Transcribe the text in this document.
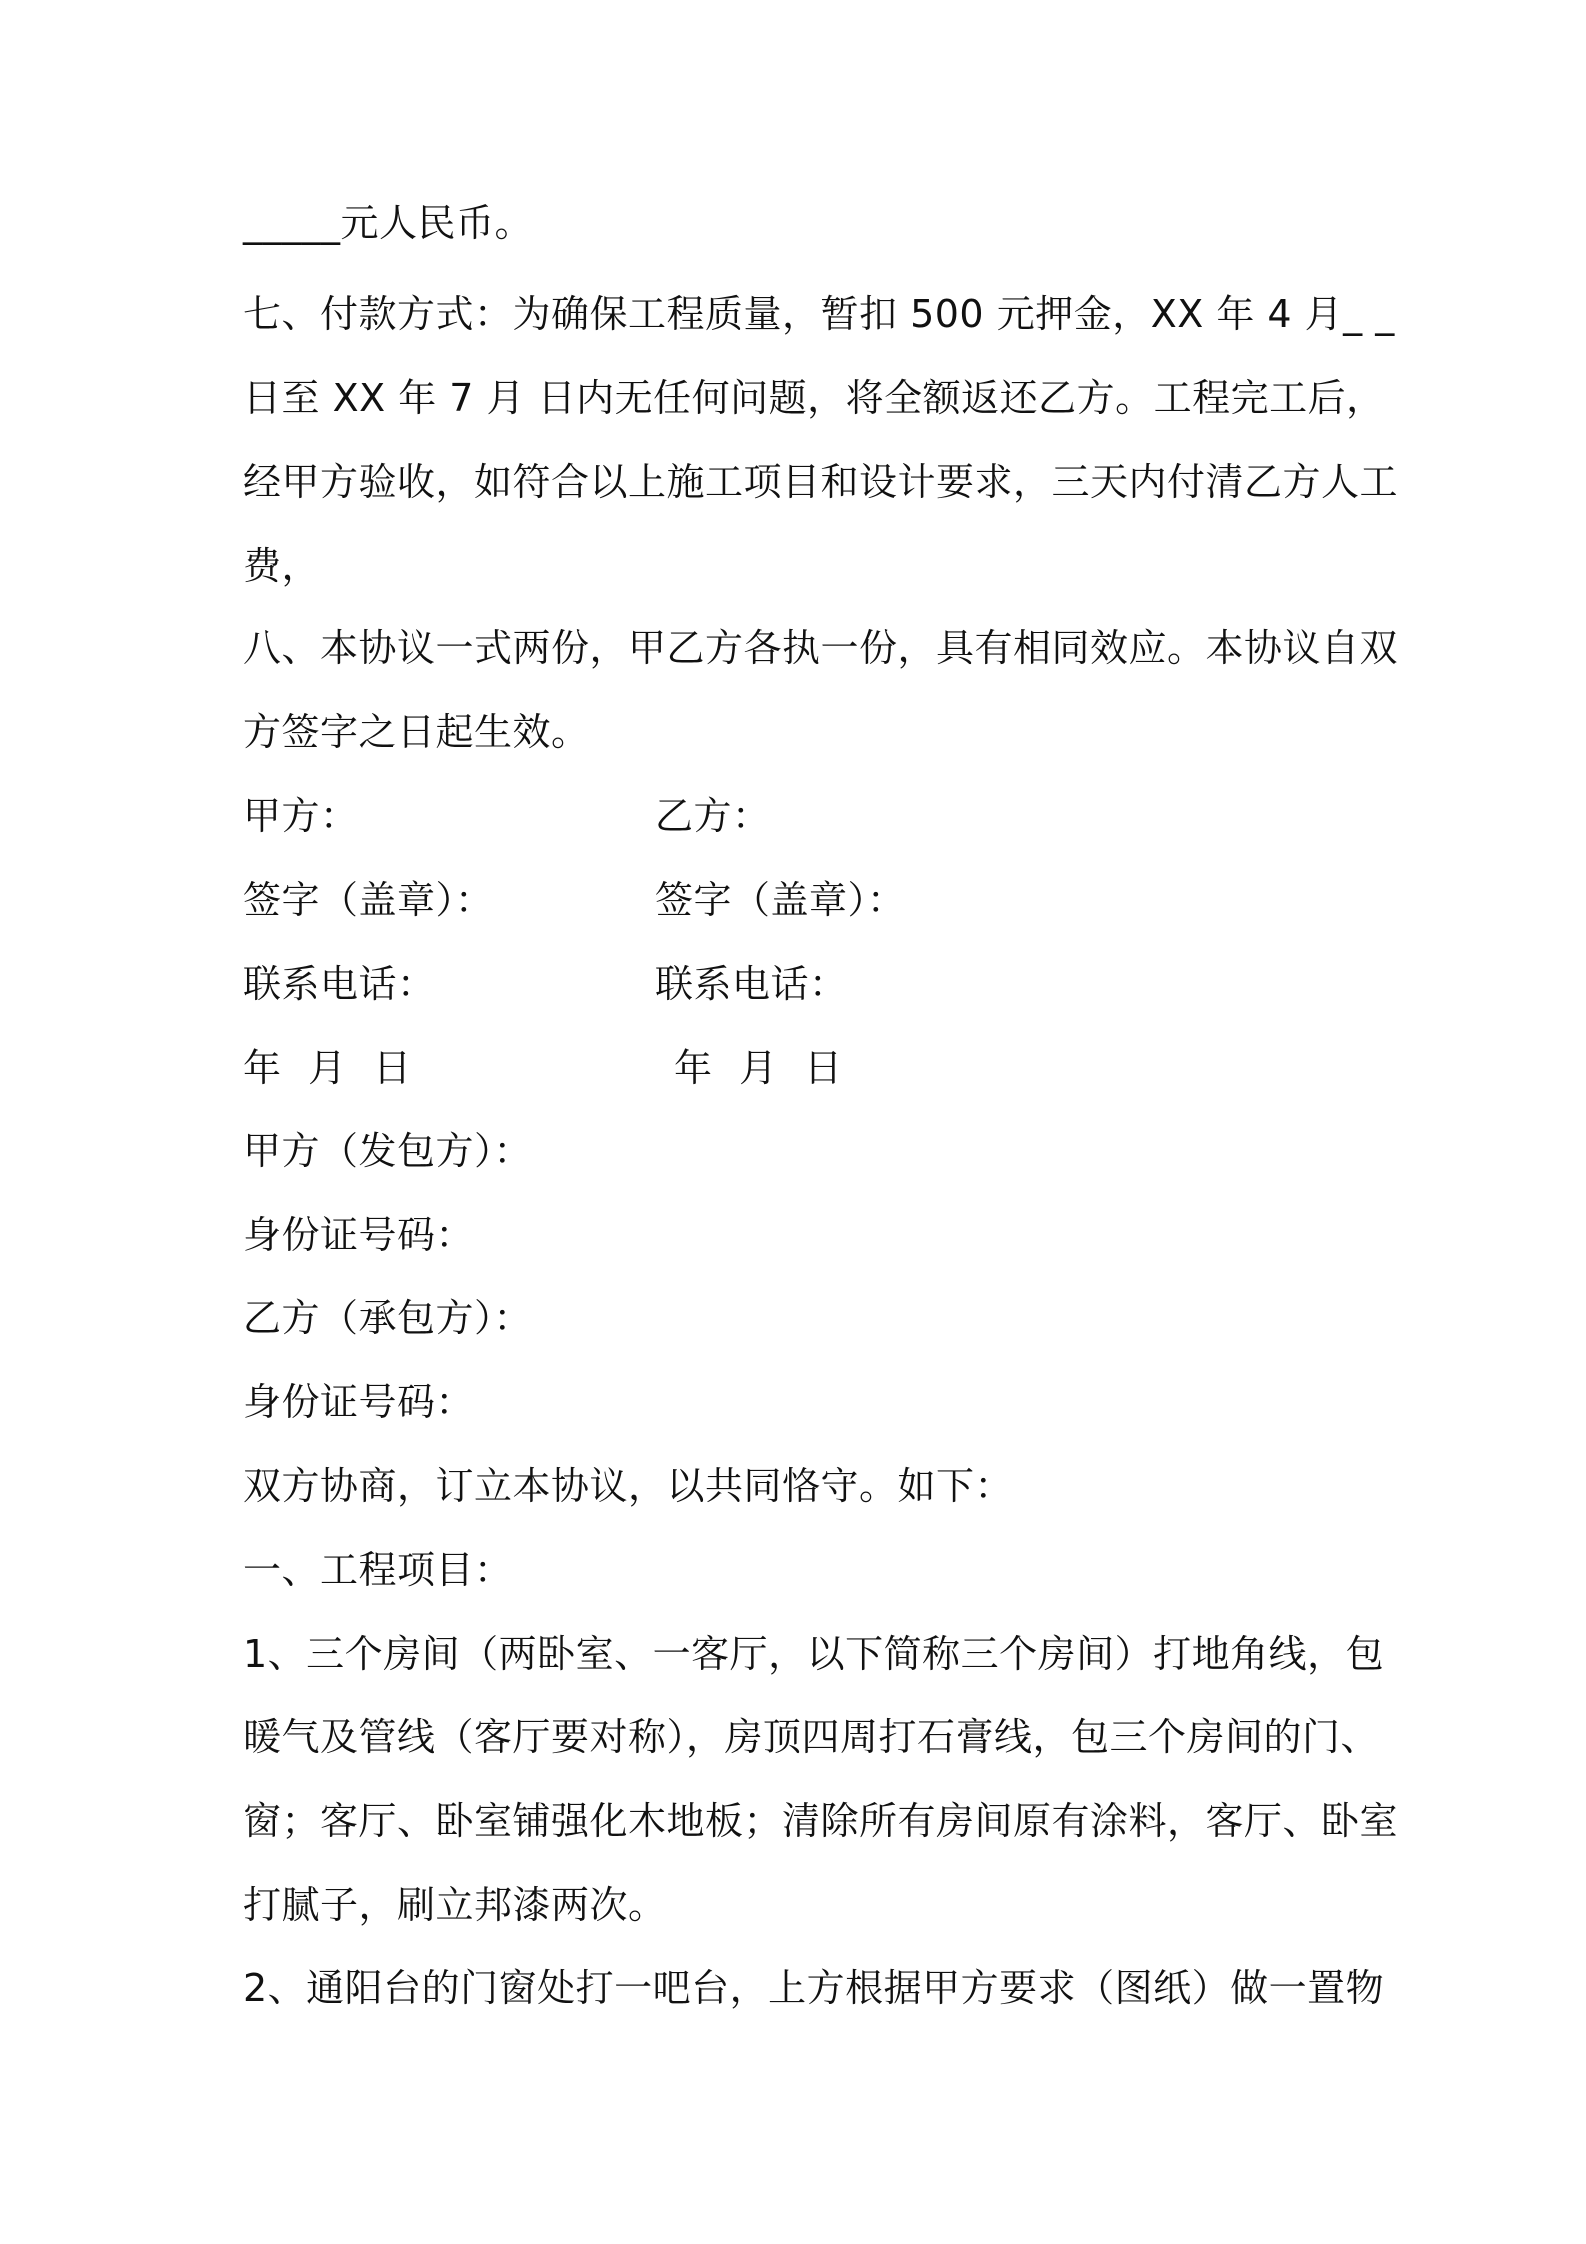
_____元人民币。
七、付款方式：为确保工程质量，暂扣 500 元押金，XX 年 4 月_ _
日至 XX 年 7 月 日内无任何问题，将全额返还乙方。工程完工后，
经甲方验收，如符合以上施工项目和设计要求，三天内付清乙方人工
费，
八、本协议一式两份，甲乙方各执一份，具有相同效应。本协议自双
方签字之日起生效。
甲方：	乙方：
签字（盖章）：	签字（盖章）：
联系电话：	联系电话：
年 月 日	年 月 日
甲方（发包方）：
身份证号码：
乙方（承包方）：
身份证号码：
双方协商，订立本协议，以共同恪守。如下：
一、工程项目：
1、三个房间（两卧室、一客厅，以下简称三个房间）打地角线，包
暖气及管线（客厅要对称），房顶四周打石膏线，包三个房间的门、
窗；客厅、卧室铺强化木地板；清除所有房间原有涂料，客厅、卧室
打腻子，刷立邦漆两次。
2、通阳台的门窗处打一吧台，上方根据甲方要求（图纸）做一置物
